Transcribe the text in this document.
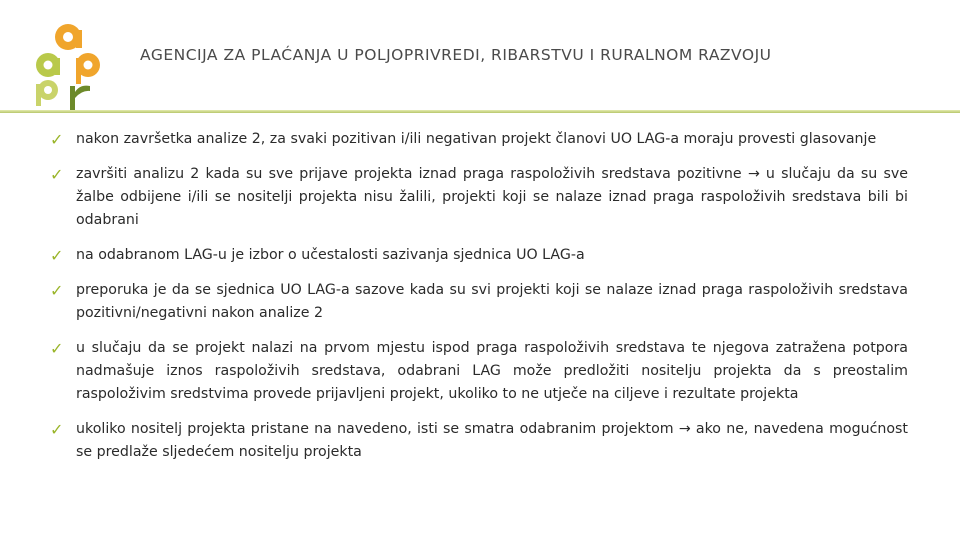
AGENCIJA ZA PLAĆANJA U POLJOPRIVREDI, RIBARSTVU I RURALNOM RAZVOJU
✓ nakon završetka analize 2, za svaki pozitivan i/ili negativan projekt članovi UO LAG-a moraju provesti glasovanje
✓ završiti analizu 2 kada su sve prijave projekta iznad praga raspoloživih sredstava pozitivne → u slučaju da su sve žalbe odbijene i/ili se nositelji projekta nisu žalili, projekti koji se nalaze iznad praga raspoloživih sredstava bili bi odabrani
✓ na odabranom LAG-u je izbor o učestalosti sazivanja sjednica UO LAG-a
✓ preporuka je da se sjednica UO LAG-a sazove kada su svi projekti koji se nalaze iznad praga raspoloživih sredstava pozitivni/negativni nakon analize 2
✓ u slučaju da se projekt nalazi na prvom mjestu ispod praga raspoloživih sredstava te njegova zatražena potpora nadmašuje iznos raspoloživih sredstava, odabrani LAG može predložiti nositelju projekta da s preostalim raspoloživim sredstvima provede prijavljeni projekt, ukoliko to ne utječe na ciljeve i rezultate projekta
✓ ukoliko nositelj projekta pristane na navedeno, isti se smatra odabranim projektom → ako ne, navedena mogućnost se predlaže sljedećem nositelju projekta
